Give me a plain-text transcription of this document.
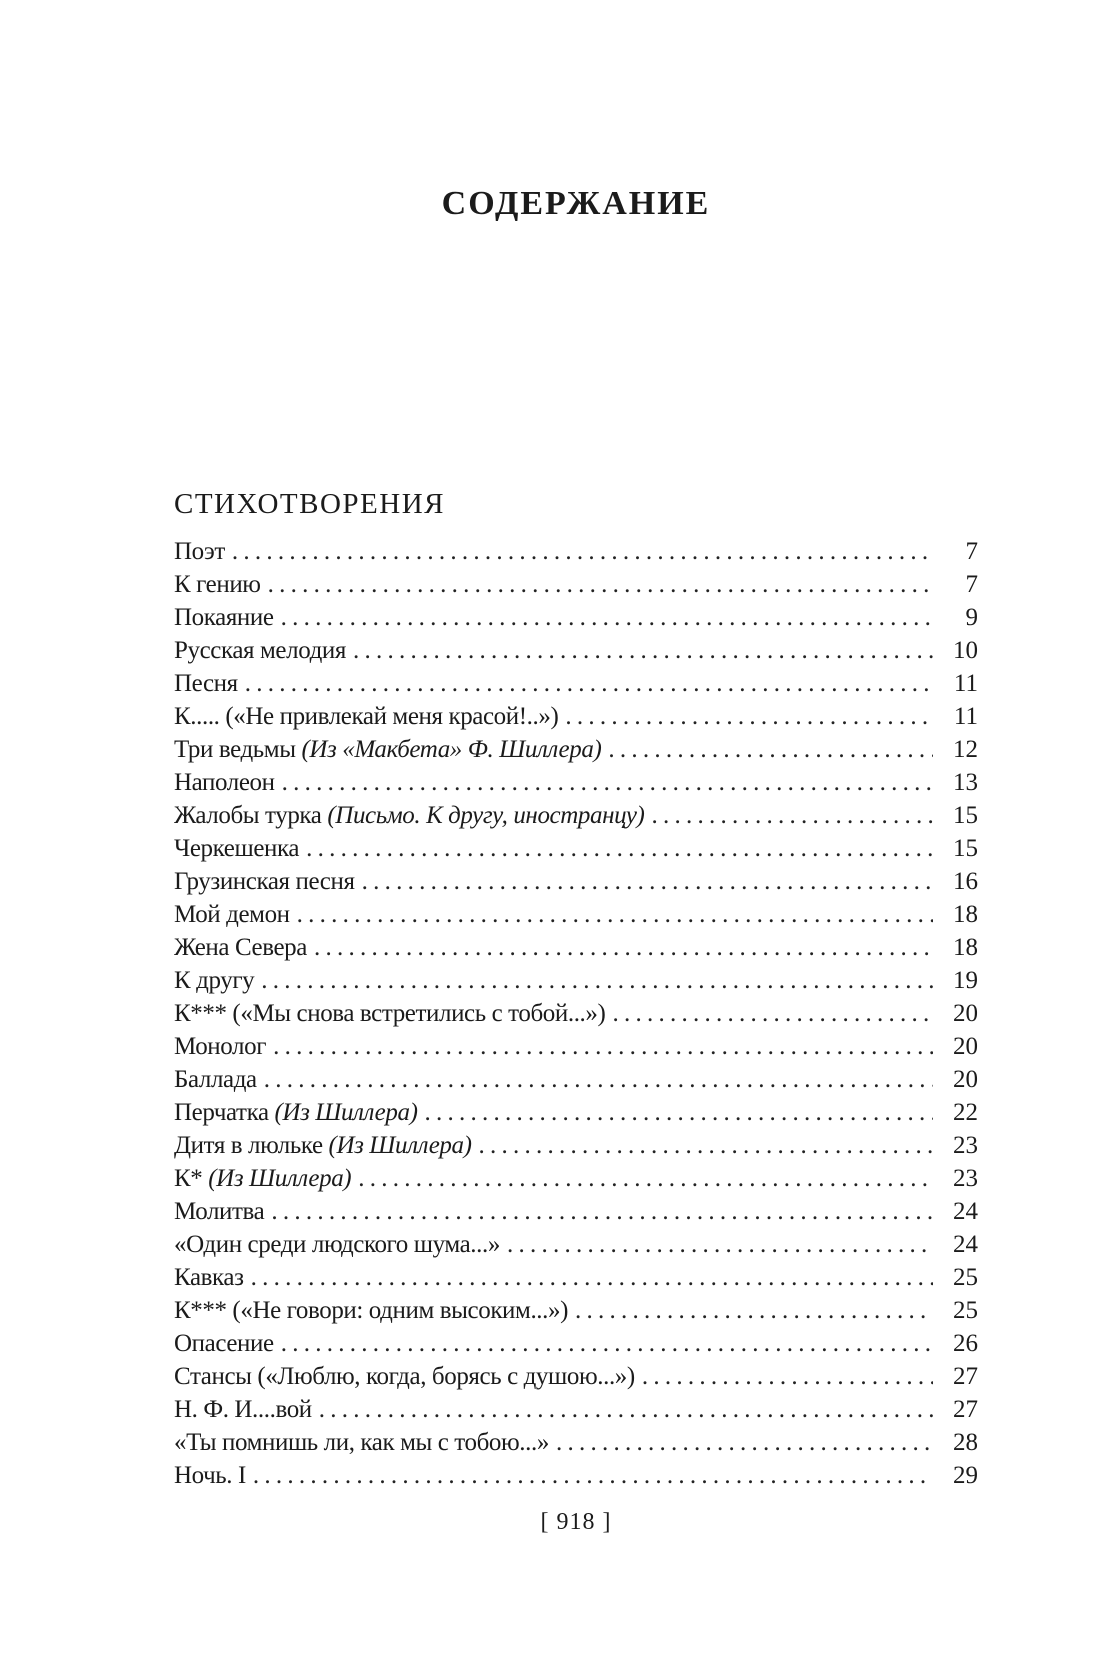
СОДЕРЖАНИЕ
СТИХОТВОРЕНИЯ
Поэт . . .	7
К гению . . .	7
Покаяние . . .	9
Русская мелодия . . .	10
Песня . . .	11
К..... («Не привлекай меня красой!..») . . .	11
Три ведьмы (Из «Макбета» Ф. Шиллера) . . .	12
Наполеон . . .	13
Жалобы турка (Письмо. К другу, иностранцу) . . .	15
Черкешенка . . .	15
Грузинская песня . . .	16
Мой демон . . .	18
Жена Севера . . .	18
К другу . . .	19
К*** («Мы снова встретились с тобой...») . . .	20
Монолог . . .	20
Баллада . . .	20
Перчатка (Из Шиллера) . . .	22
Дитя в люльке (Из Шиллера) . . .	23
К* (Из Шиллера) . . .	23
Молитва . . .	24
«Один среди людского шума...» . . .	24
Кавказ . . .	25
К*** («Не говори: одним высоким...») . . .	25
Опасение . . .	26
Стансы («Люблю, когда, борясь с душою...») . . .	27
Н. Ф. И....вой . . .	27
«Ты помнишь ли, как мы с тобою...» . . .	28
Ночь. I . . .	29
[ 918 ]
